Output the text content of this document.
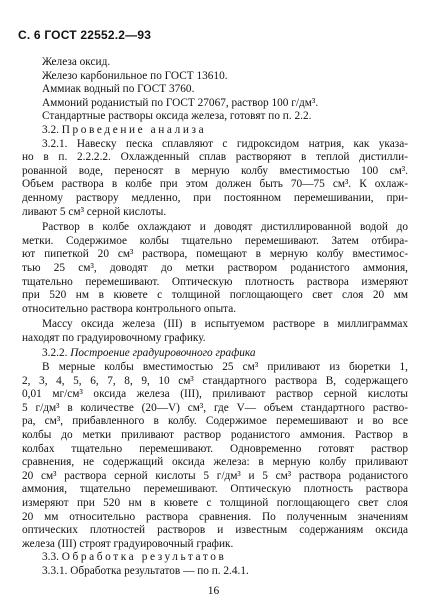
С. 6 ГОСТ 22552.2—93
Железа оксид.
Железо карбонильное по ГОСТ 13610.
Аммиак водный по ГОСТ 3760.
Аммоний роданистый по ГОСТ 27067, раствор 100 г/дм³.
Стандартные растворы оксида железа, готовят по п. 2.2.
3.2. Проведение анализа
3.2.1. Навеску песка сплавляют с гидроксидом натрия, как указа-
но в п. 2.2.2.2. Охлажденный сплав растворяют в теплой дистилли-
рованной воде, переносят в мерную колбу вместимостью 100 см³.
Объем раствора в колбе при этом должен быть 70—75 см³. К охлаж-
денному раствору медленно, при постоянном перемешивании, при-
ливают 5 см³ серной кислоты.
Раствор в колбе охлаждают и доводят дистиллированной водой до
метки. Содержимое колбы тщательно перемешивают. Затем отбира-
ют пипеткой 20 см³ раствора, помещают в мерную колбу вместимос-
тью 25 см³, доводят до метки раствором роданистого аммония,
тщательно перемешивают. Оптическую плотность раствора измеряют
при 520 нм в кювете с толщиной поглощающего свет слоя 20 мм
относительно раствора контрольного опыта.
Массу оксида железа (III) в испытуемом растворе в миллиграммах
находят по градуировочному графику.
3.2.2. Построение градуировочного графика
В мерные колбы вместимостью 25 см³ приливают из бюретки 1,
2, 3, 4, 5, 6, 7, 8, 9, 10 см³ стандартного раствора В, содержащего
0,01 мг/см³ оксида железа (III), приливают раствор серной кислоты
5 г/дм³ в количестве (20—V) см³, где V— объем стандартного раство-
ра, см³, прибавленного в колбу. Содержимое перемешивают и во все
колбы до метки приливают раствор роданистого аммония. Раствор в
колбах тщательно перемешивают. Одновременно готовят раствор
сравнения, не содержащий оксида железа: в мерную колбу приливают
20 см³ раствора серной кислоты 5 г/дм³ и 5 см³ раствора роданистого
аммония, тщательно перемешивают. Оптическую плотность раствора
измеряют при 520 нм в кювете с толщиной поглощающего свет слоя
20 мм относительно раствора сравнения. По полученным значениям
оптических плотностей растворов и известным содержаниям оксида
железа (III) строят градуировочный график.
3.3. Обработка результатов
3.3.1. Обработка результатов — по п. 2.4.1.
16
